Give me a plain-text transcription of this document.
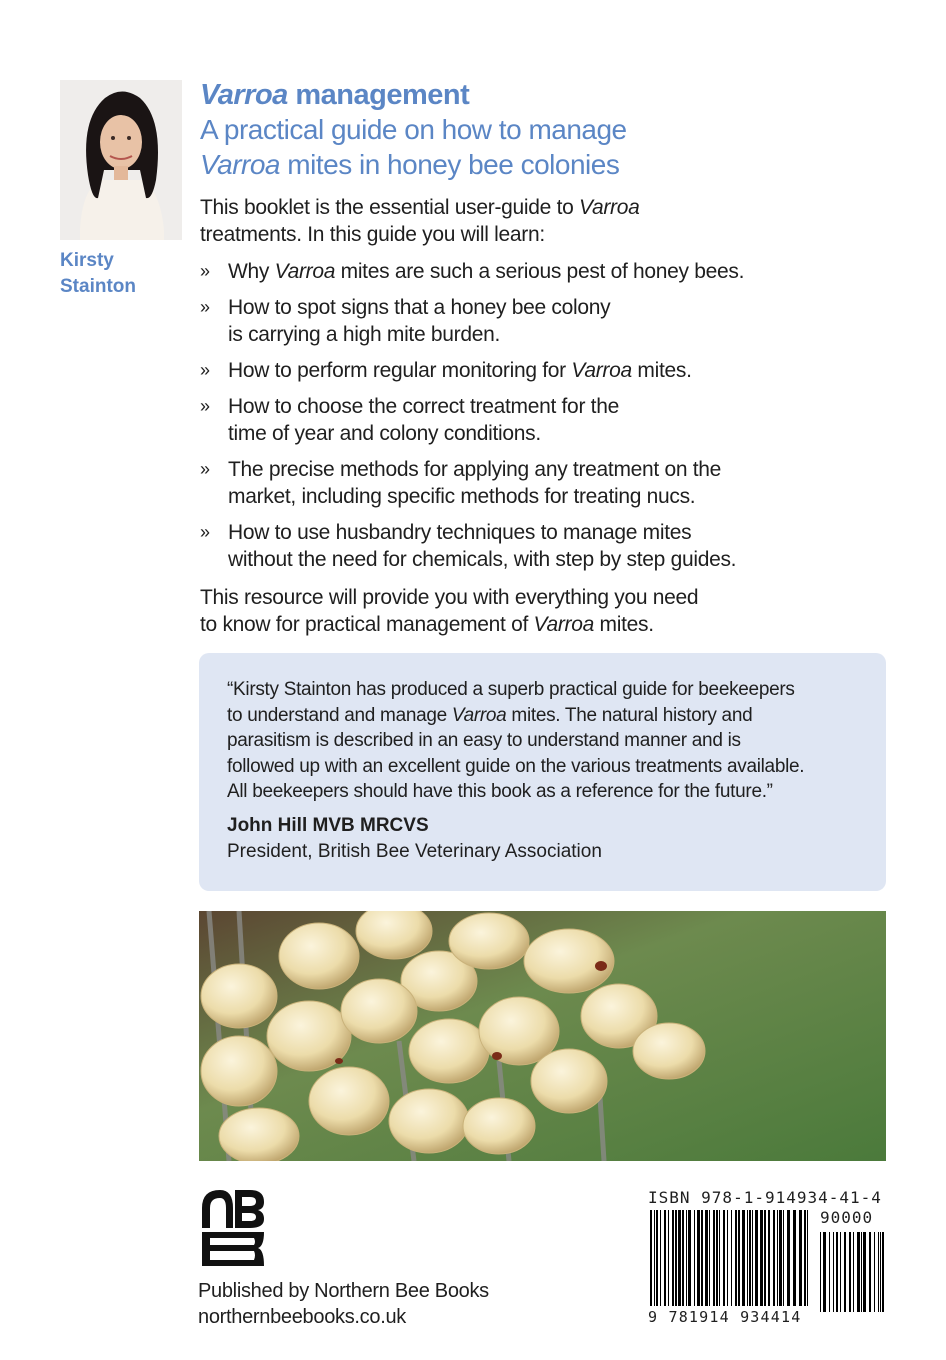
Kirsty
Stainton
Varroa management
A practical guide on how to manage
Varroa mites in honey bee colonies
This booklet is the essential user-guide to Varroa
treatments. In this guide you will learn:
» Why Varroa mites are such a serious pest of honey bees.
» How to spot signs that a honey bee colony
is carrying a high mite burden.
» How to perform regular monitoring for Varroa mites.
» How to choose the correct treatment for the
time of year and colony conditions.
» The precise methods for applying any treatment on the
market, including specific methods for treating nucs.
» How to use husbandry techniques to manage mites
without the need for chemicals, with step by step guides.
This resource will provide you with everything you need
to know for practical management of Varroa mites.
“Kirsty Stainton has produced a superb practical guide for beekeepers
to understand and manage Varroa mites. The natural history and
parasitism is described in an easy to understand manner and is
followed up with an excellent guide on the various treatments available.
All beekeepers should have this book as a reference for the future.”
John Hill MVB MRCVS
President, British Bee Veterinary Association
Published by Northern Bee Books
northernbeebooks.co.uk
ISBN 978-1-914934-41-4
90000
9 781914 934414
